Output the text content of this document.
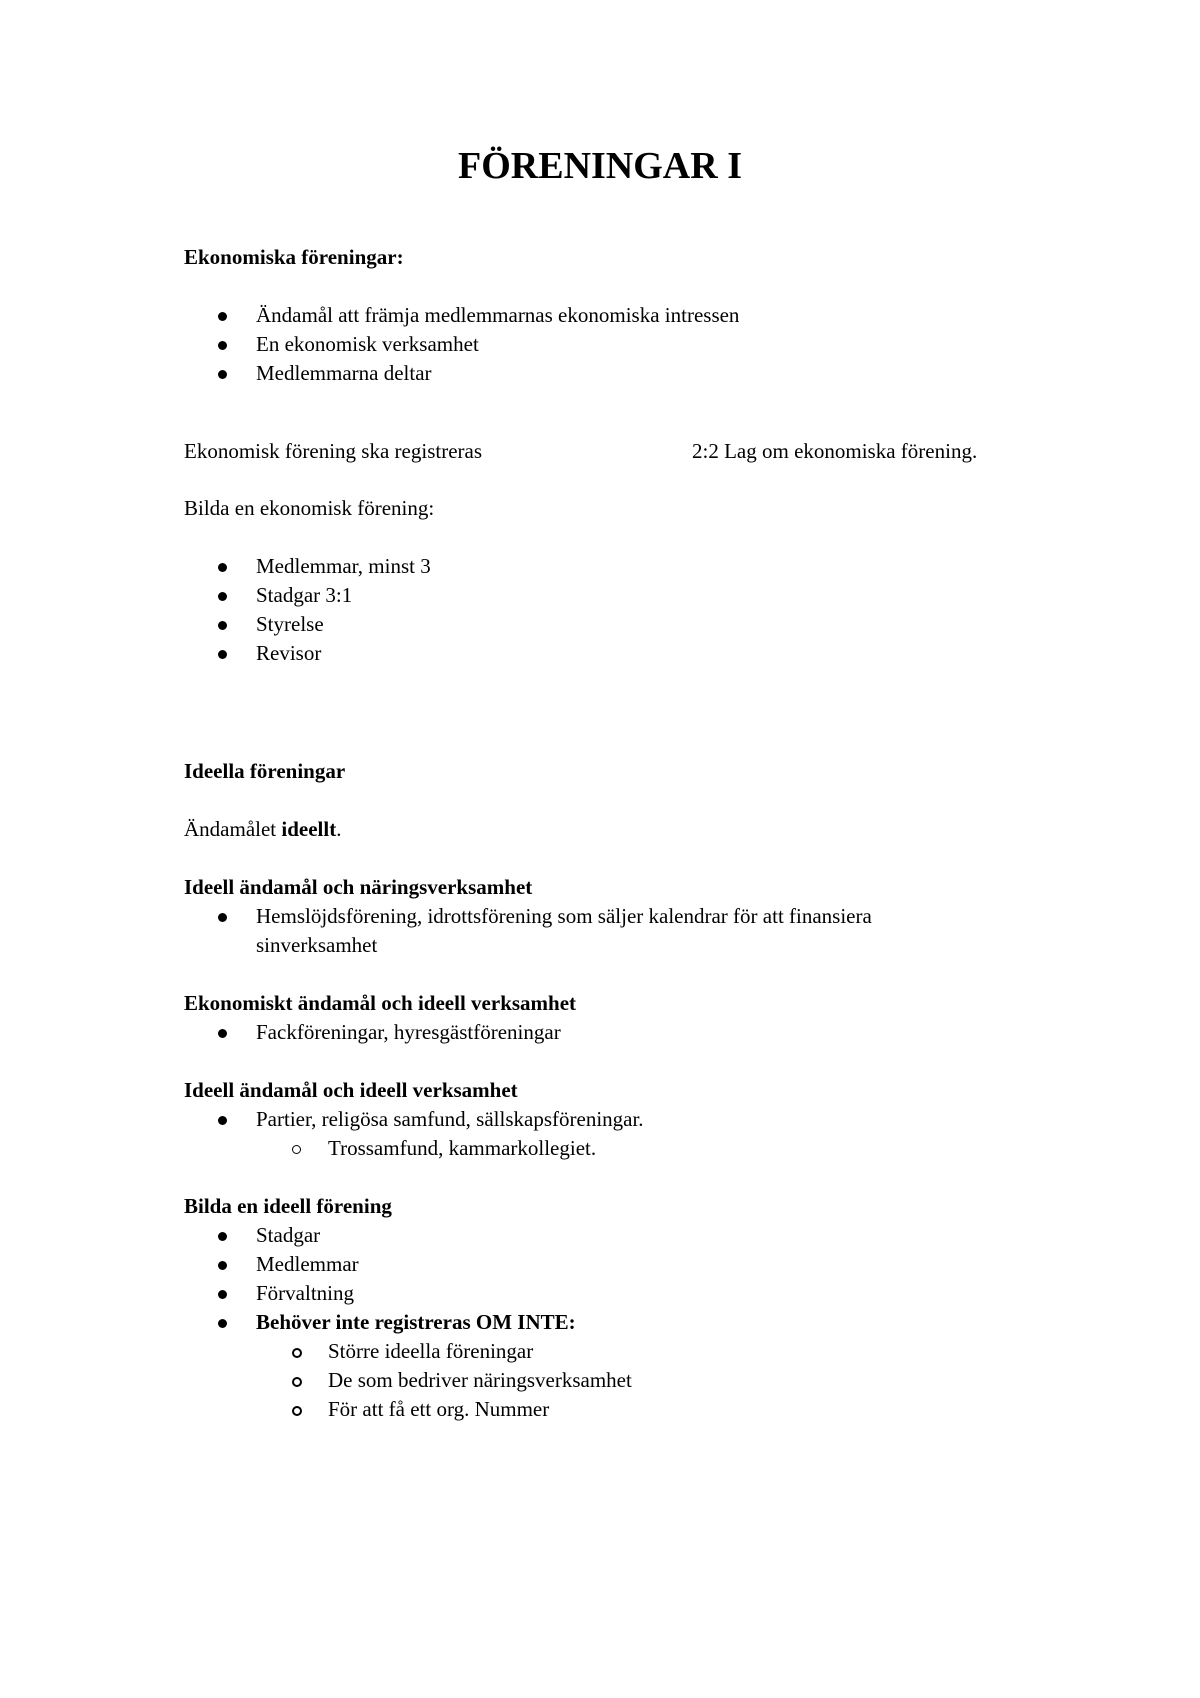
FÖRENINGAR I
Ekonomiska föreningar:
Ändamål att främja medlemmarnas ekonomiska intressen
En ekonomisk verksamhet
Medlemmarna deltar
Ekonomisk förening ska registreras	2:2 Lag om ekonomiska förening.
Bilda en ekonomisk förening:
Medlemmar, minst 3
Stadgar 3:1
Styrelse
Revisor
Ideella föreningar
Ändamålet ideellt.
Ideell ändamål och näringsverksamhet
Hemslöjdsförening, idrottsförening som säljer kalendrar för att finansiera sinverksamhet
Ekonomiskt ändamål och ideell verksamhet
Fackföreningar, hyresgästföreningar
Ideell ändamål och ideell verksamhet
Partier, religösa samfund, sällskapsföreningar.
Trossamfund, kammarkollegiet.
Bilda en ideell förening
Stadgar
Medlemmar
Förvaltning
Behöver inte registreras OM INTE:
Större ideella föreningar
De som bedriver näringsverksamhet
För att få ett org. Nummer
